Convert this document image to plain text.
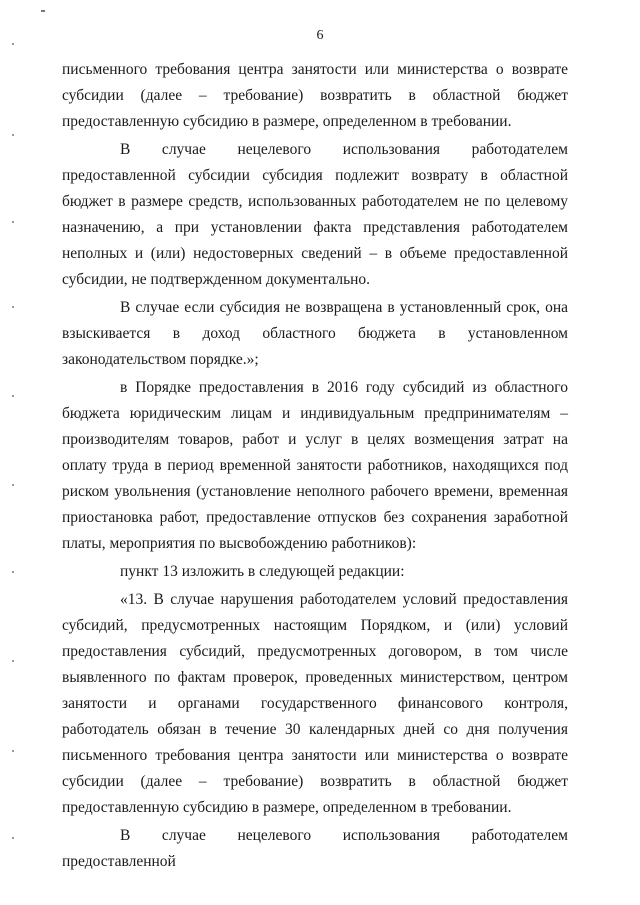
6

письменного требования центра занятости или министерства о возврате субсидии (далее – требование) возвратить в областной бюджет предоставленную субсидию в размере, определенном в требовании.

В случае нецелевого использования работодателем предоставленной субсидии субсидия подлежит возврату в областной бюджет в размере средств, использованных работодателем не по целевому назначению, а при установлении факта представления работодателем неполных и (или) недостоверных сведений – в объеме предоставленной субсидии, не подтвержденном документально.

В случае если субсидия не возвращена в установленный срок, она взыскивается в доход областного бюджета в установленном законодательством порядке.»;

в Порядке предоставления в 2016 году субсидий из областного бюджета юридическим лицам и индивидуальным предпринимателям – производителям товаров, работ и услуг в целях возмещения затрат на оплату труда в период временной занятости работников, находящихся под риском увольнения (установление неполного рабочего времени, временная приостановка работ, предоставление отпусков без сохранения заработной платы, мероприятия по высвобождению работников):

пункт 13 изложить в следующей редакции:

«13. В случае нарушения работодателем условий предоставления субсидий, предусмотренных настоящим Порядком, и (или) условий предоставления субсидий, предусмотренных договором, в том числе выявленного по фактам проверок, проведенных министерством, центром занятости и органами государственного финансового контроля, работодатель обязан в течение 30 календарных дней со дня получения письменного требования центра занятости или министерства о возврате субсидии (далее – требование) возвратить в областной бюджет предоставленную субсидию в размере, определенном в требовании.

В случае нецелевого использования работодателем предоставленной
